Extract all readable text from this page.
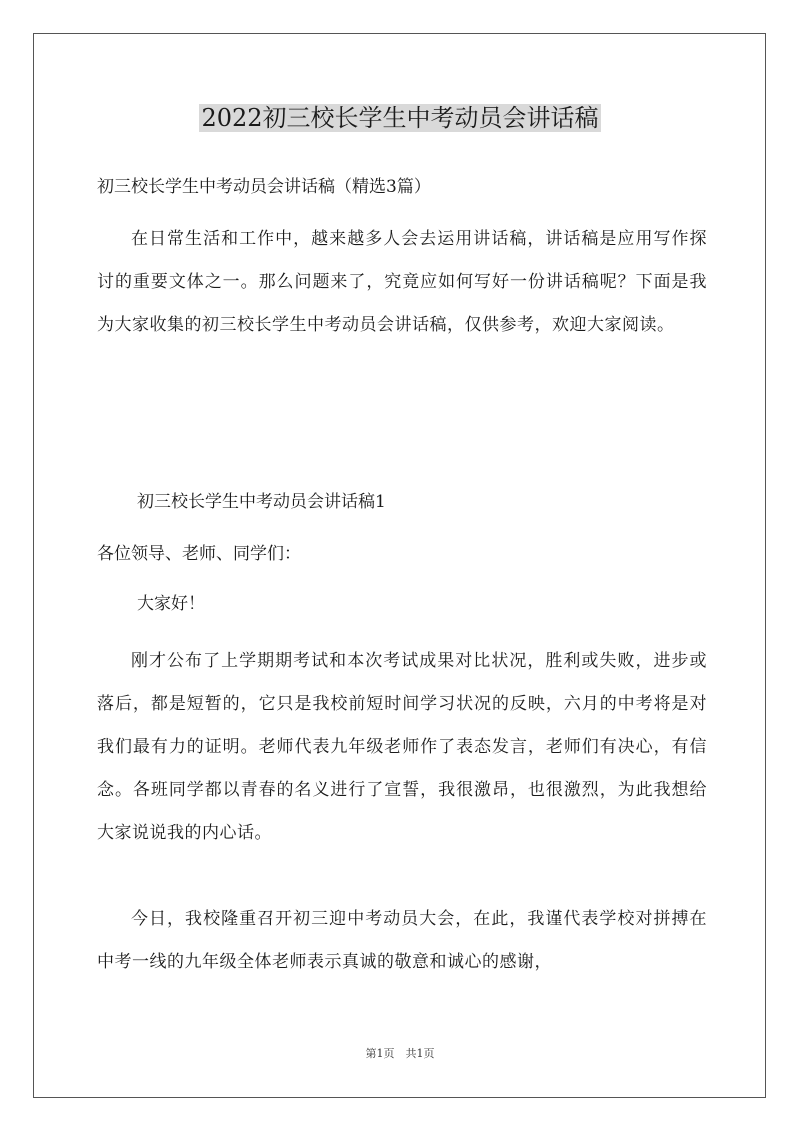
2022初三校长学生中考动员会讲话稿

初三校长学生中考动员会讲话稿（精选3篇）

在日常生活和工作中，越来越多人会去运用讲话稿，讲话稿是应用写作探讨的重要文体之一。那么问题来了，究竟应如何写好一份讲话稿呢？下面是我为大家收集的初三校长学生中考动员会讲话稿，仅供参考，欢迎大家阅读。

初三校长学生中考动员会讲话稿1

各位领导、老师、同学们：

大家好！

刚才公布了上学期期考试和本次考试成果对比状况，胜利或失败，进步或落后，都是短暂的，它只是我校前短时间学习状况的反映，六月的中考将是对我们最有力的证明。老师代表九年级老师作了表态发言，老师们有决心，有信念。各班同学都以青春的名义进行了宣誓，我很激昂，也很激烈，为此我想给大家说说我的内心话。

今日，我校隆重召开初三迎中考动员大会，在此，我谨代表学校对拼搏在中考一线的九年级全体老师表示真诚的敬意和诚心的感谢，

第1页　共1页
